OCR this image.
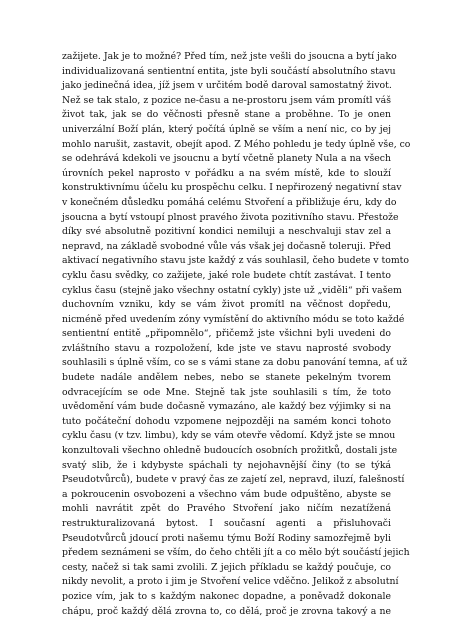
zažijete. Jak je to možné? Před tím, než jste vešli do jsoucna a bytí jako
individualizovaná sentientní entita, jste byli součástí absolutního stavu
jako jedinečná idea, jíž jsem v určitém bodě daroval samostatný život.
Než se tak stalo, z pozice ne-času a ne-prostoru jsem vám promítl váš
život tak, jak se do věčnosti přesně stane a proběhne. To je onen
univerzální Boží plán, který počítá úplně se vším a není nic, co by jej
mohlo narušit, zastavit, obejít apod. Z Mého pohledu je tedy úplně vše, co
se odehrává kdekoli ve jsoucnu a bytí včetně planety Nula a na všech
úrovních pekel naprosto v pořádku a na svém místě, kde to slouží
konstruktivnímu účelu ku prospěchu celku. I nepřirozený negativní stav
v konečném důsledku pomáhá celému Stvoření a přibližuje éru, kdy do
jsoucna a bytí vstoupí plnost pravého života pozitivního stavu. Přestože
díky své absolutně pozitivní kondici nemiluji a neschvaluji stav zel a
nepravd, na základě svobodné vůle vás však jej dočasně toleruji. Před
aktivací negativního stavu jste každý z vás souhlasil, čeho budete v tomto
cyklu času svědky, co zažijete, jaké role budete chtít zastávat. I tento
cyklus času (stejně jako všechny ostatní cykly) jste už „viděli“ při vašem
duchovním vzniku, kdy se vám život promítl na věčnost dopředu,
nicméně před uvedením zóny vymístění do aktivního módu se toto každé
sentientní entitě „připomnělo“, přičemž jste všichni byli uvedeni do
zvláštního stavu a rozpoložení, kde jste ve stavu naprosté svobody
souhlasili s úplně vším, co se s vámi stane za dobu panování temna, ať už
budete nadále andělem nebes, nebo se stanete pekelným tvorem
odvracejícím se ode Mne. Stejně tak jste souhlasili s tím, že toto
uvědomění vám bude dočasně vymazáno, ale každý bez výjimky si na
tuto počáteční dohodu vzpomene nejpozději na samém konci tohoto
cyklu času (v tzv. limbu), kdy se vám otevře vědomí. Když jste se mnou
konzultovali všechno ohledně budoucích osobních prožitků, dostali jste
svatý slib, že i kdybyste spáchali ty nejohavnější činy (to se týká
Pseudotvůrců), budete v pravý čas ze zajetí zel, nepravd, iluzí, falešností
a pokroucenin osvobozeni a všechno vám bude odpuštěno, abyste se
mohli navrátit zpět do Pravého Stvoření jako ničím nezatížená
restrukturalizovaná bytost. I současní agenti a přisluhovači
Pseudotvůrců jdoucí proti našemu týmu Boží Rodiny samozřejmě byli
předem seznámeni se vším, do čeho chtěli jít a co mělo být součástí jejich
cesty, načež si tak sami zvolili. Z jejich příkladu se každý poučuje, co
nikdy nevolit, a proto i jim je Stvoření velice vděčno. Jelikož z absolutní
pozice vím, jak to s každým nakonec dopadne, a poněvadž dokonale
chápu, proč každý dělá zrovna to, co dělá, proč je zrovna takový a ne
